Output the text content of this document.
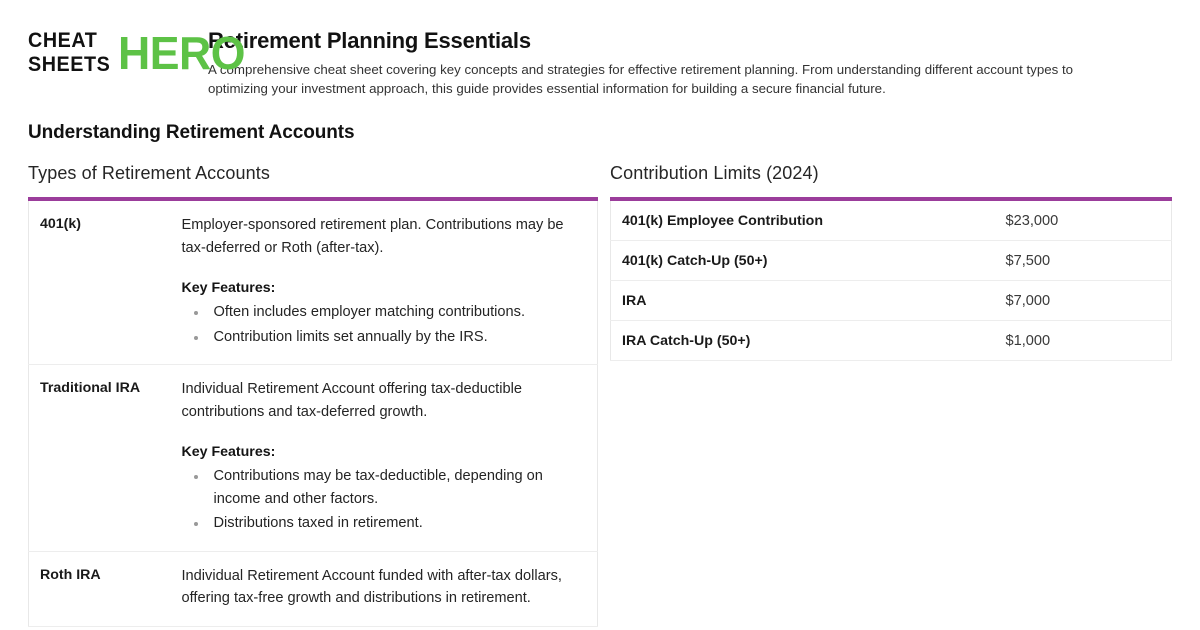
CHEAT
SHEETS HERO
Retirement Planning Essentials
A comprehensive cheat sheet covering key concepts and strategies for effective retirement planning. From understanding different account types to optimizing your investment approach, this guide provides essential information for building a secure financial future.
Understanding Retirement Accounts
Types of Retirement Accounts
401(k)	Employer-sponsored retirement plan. Contributions may be tax-deferred or Roth (after-tax).

Key Features:
Often includes employer matching contributions.
Contribution limits set annually by the IRS.

Traditional IRA	Individual Retirement Account offering tax-deductible contributions and tax-deferred growth.

Key Features:
Contributions may be tax-deductible, depending on income and other factors.
Distributions taxed in retirement.

Roth IRA	Individual Retirement Account funded with after-tax dollars, offering tax-free growth and distributions in retirement.

Contribution Limits (2024)
401(k) Employee Contribution	$23,000
401(k) Catch-Up (50+)	$7,500
IRA	$7,000
IRA Catch-Up (50+)	$1,000
